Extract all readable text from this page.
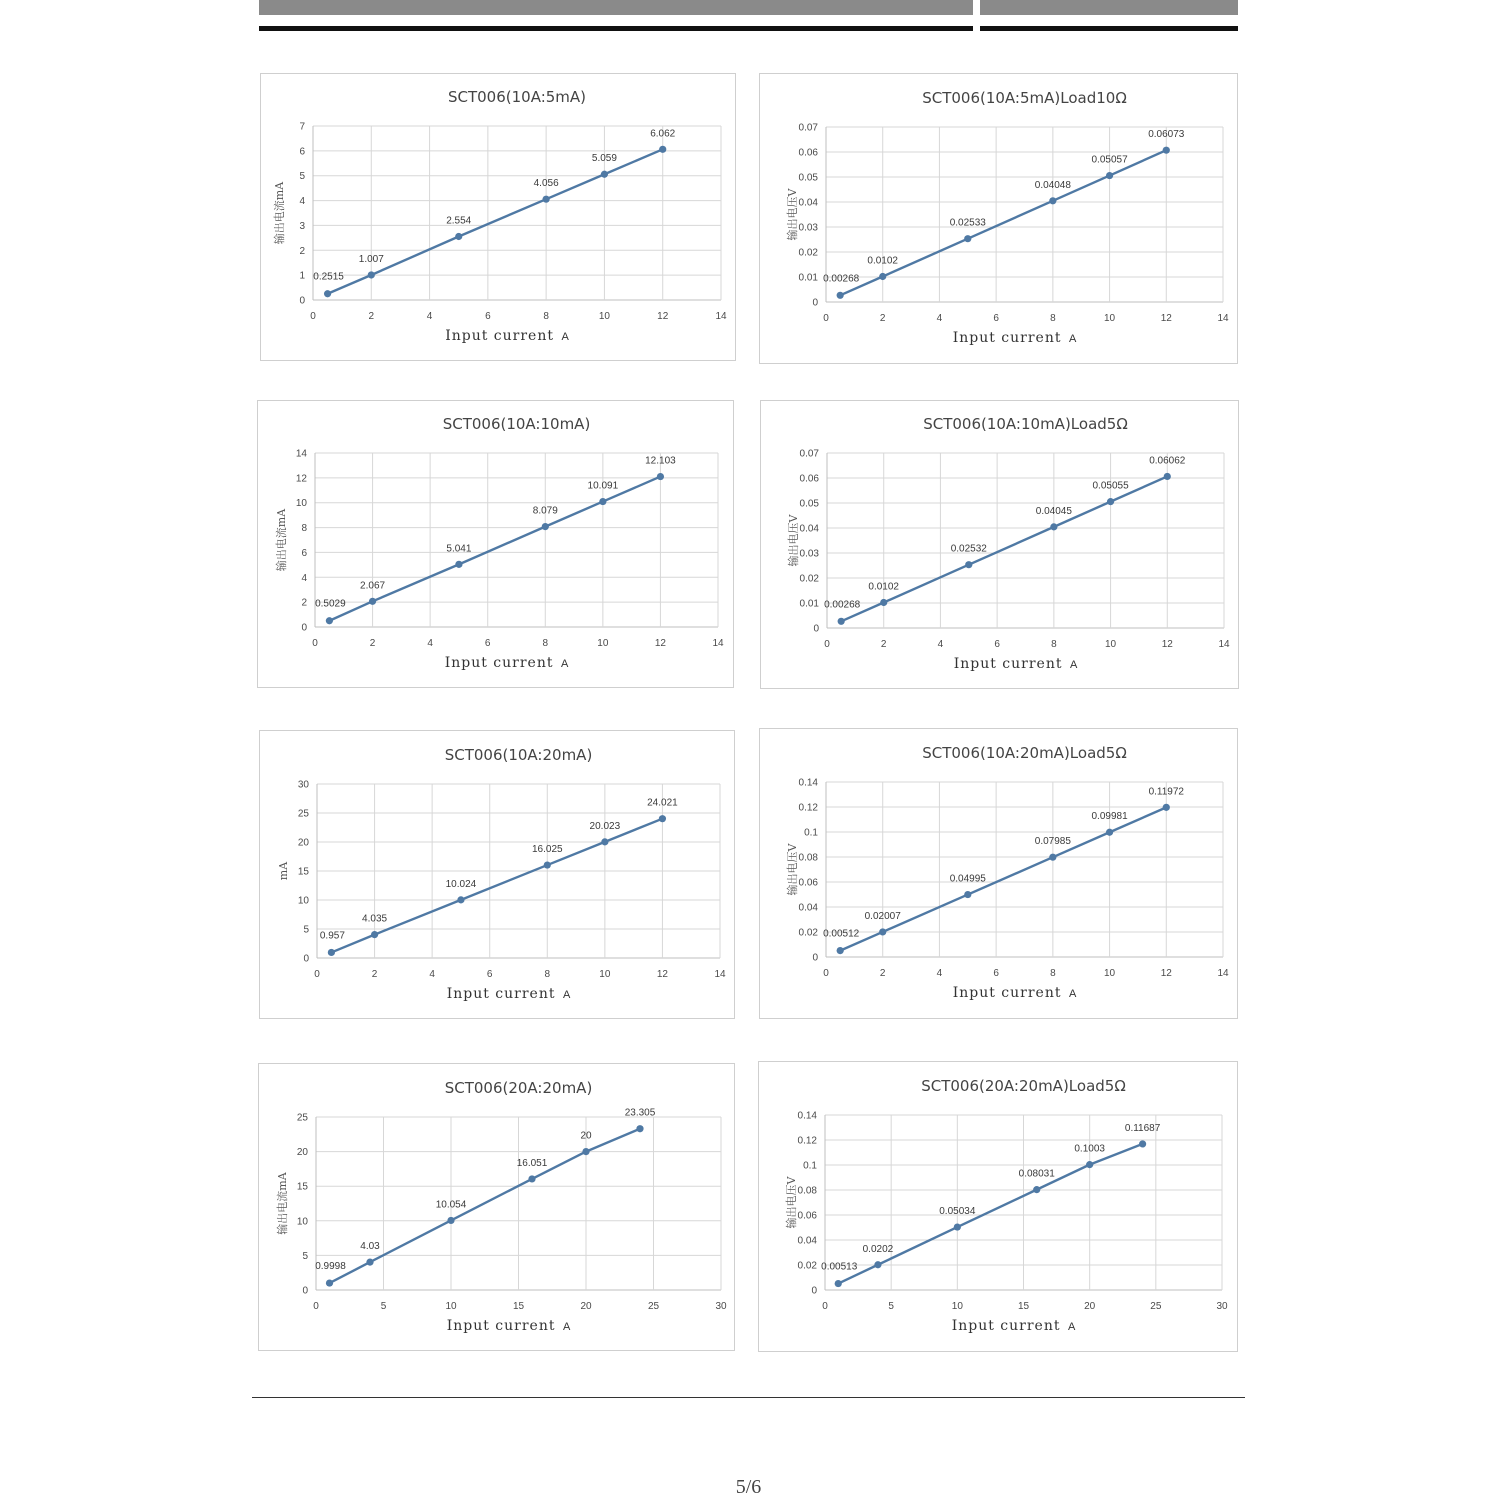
SCT006(10A:5mA)
0
1
2
3
4
5
6
7
0	2	4	6	8	10	12	14
Input current A
输出电流mA
0.2515
1.007
2.554
4.056
5.059
6.062
SCT006(10A:5mA)Load10Ω
0
0.01
0.02
0.03
0.04
0.05
0.06
0.07
0	2	4	6	8	10	12	14
Input current A
输出电压V
0.00268
0.0102
0.02533
0.04048
0.05057
0.06073
SCT006(10A:10mA)
0
2
4
6
8
10
12
14
0	2	4	6	8	10	12	14
Input current A
输出电流mA
0.5029
2.067
5.041
8.079
10.091
12.103
SCT006(10A:10mA)Load5Ω
0
0.01
0.02
0.03
0.04
0.05
0.06
0.07
0	2	4	6	8	10	12	14
Input current A
输出电压V
0.00268
0.0102
0.02532
0.04045
0.05055
0.06062
SCT006(10A:20mA)
0
5
10
15
20
25
30
0	2	4	6	8	10	12	14
Input current A
mA
0.957
4.035
10.024
16.025
20.023
24.021
SCT006(10A:20mA)Load5Ω
0
0.02
0.04
0.06
0.08
0.1
0.12
0.14
0	2	4	6	8	10	12	14
Input current A
输出电压V
0.00512
0.02007
0.04995
0.07985
0.09981
0.11972
SCT006(20A:20mA)
0
5
10
15
20
25
0	5	10	15	20	25	30
Input current A
输出电流mA
0.9998
4.03
10.054
16.051
20
23.305
SCT006(20A:20mA)Load5Ω
0
0.02
0.04
0.06
0.08
0.1
0.12
0.14
0	5	10	15	20	25	30
Input current A
输出电压V
0.00513
0.0202
0.05034
0.08031
0.1003
0.11687
5/6
